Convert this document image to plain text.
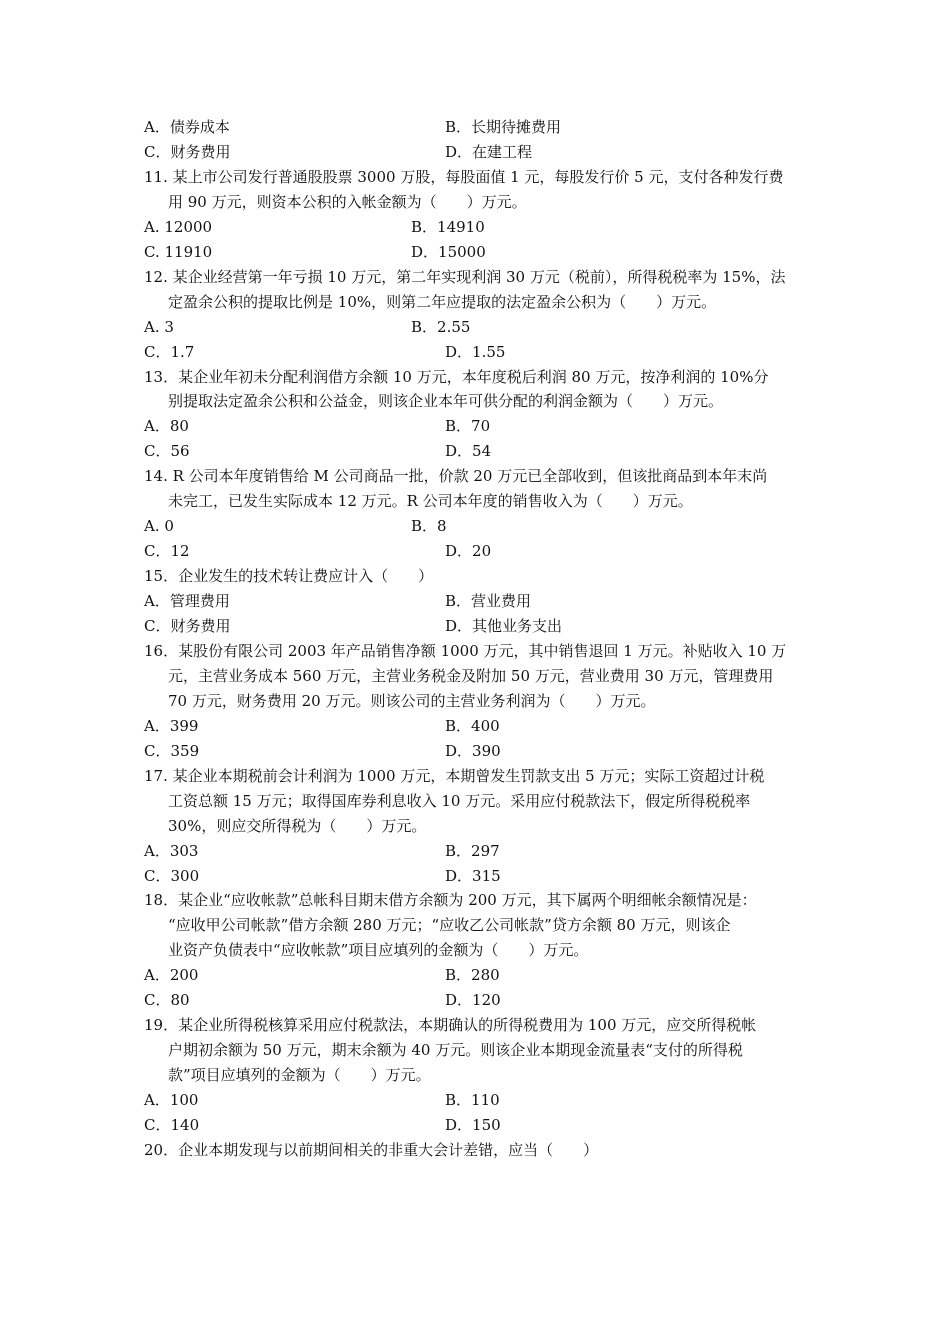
A．债券成本	B．长期待摊费用
C．财务费用	D．在建工程
11. 某上市公司发行普通股股票 3000 万股，每股面值 1 元，每股发行价 5 元，支付各种发行费
用 90 万元，则资本公积的入帐金额为（　　）万元。
A. 12000	B．14910
C. 11910	D．15000
12. 某企业经营第一年亏损 10 万元，第二年实现利润 30 万元（税前），所得税税率为 15%，法
定盈余公积的提取比例是 10%，则第二年应提取的法定盈余公积为（　　）万元。
A. 3	B．2.55
C．1.7	D．1.55
13．某企业年初未分配利润借方余额 10 万元，本年度税后利润 80 万元，按净利润的 10%分
别提取法定盈余公积和公益金，则该企业本年可供分配的利润金额为（　　）万元。
A．80	B．70
C．56	D．54
14. R 公司本年度销售给 M 公司商品一批，价款 20 万元已全部收到，但该批商品到本年末尚
未完工，已发生实际成本 12 万元。R 公司本年度的销售收入为（　　）万元。
A. 0	B．8
C．12	D．20
15．企业发生的技术转让费应计入（　　）
A．管理费用	B．营业费用
C．财务费用	D．其他业务支出
16．某股份有限公司 2003 年产品销售净额 1000 万元，其中销售退回 1 万元。补贴收入 10 万
元，主营业务成本 560 万元，主营业务税金及附加 50 万元，营业费用 30 万元，管理费用
70 万元，财务费用 20 万元。则该公司的主营业务利润为（　　）万元。
A．399	B．400
C．359	D．390
17. 某企业本期税前会计利润为 1000 万元，本期曾发生罚款支出 5 万元；实际工资超过计税
工资总额 15 万元；取得国库券利息收入 10 万元。采用应付税款法下，假定所得税税率
30%，则应交所得税为（　　）万元。
A．303	B．297
C．300	D．315
18．某企业“应收帐款”总帐科目期末借方余额为 200 万元，其下属两个明细帐余额情况是：
“应收甲公司帐款”借方余额 280 万元；“应收乙公司帐款”贷方余额 80 万元，则该企
业资产负债表中“应收帐款”项目应填列的金额为（　　）万元。
A．200	B．280
C．80	D．120
19．某企业所得税核算采用应付税款法，本期确认的所得税费用为 100 万元，应交所得税帐
户期初余额为 50 万元，期末余额为 40 万元。则该企业本期现金流量表“支付的所得税
款”项目应填列的金额为（　　）万元。
A．100	B．110
C．140	D．150
20．企业本期发现与以前期间相关的非重大会计差错，应当（　　）
